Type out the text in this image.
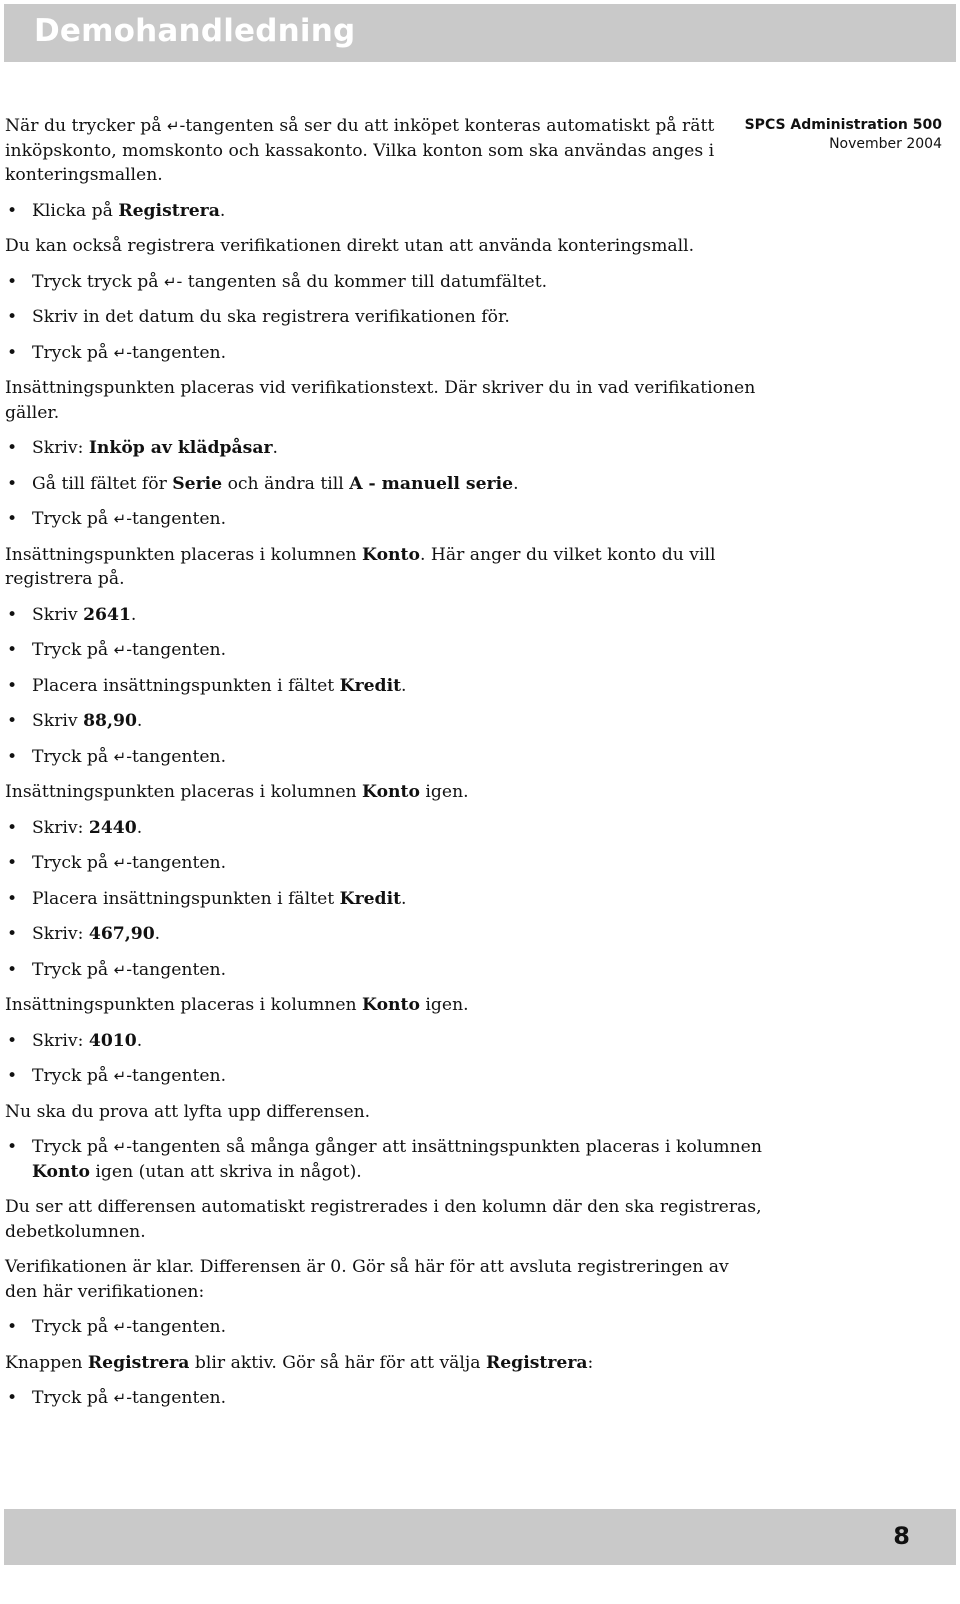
Demohandledning
SPCS Administration 500
November 2004
När du trycker på ↵-tangenten så ser du att inköpet konteras automatiskt på rätt inköpskonto, momskonto och kassakonto. Vilka konton som ska användas anges i konteringsmallen.
• Klicka på Registrera.
Du kan också registrera verifikationen direkt utan att använda konteringsmall.
• Tryck tryck på ↵- tangenten så du kommer till datumfältet.
• Skriv in det datum du ska registrera verifikationen för.
• Tryck på ↵-tangenten.
Insättningspunkten placeras vid verifikationstext. Där skriver du in vad verifikationen gäller.
• Skriv: Inköp av klädpåsar.
• Gå till fältet för Serie och ändra till A - manuell serie.
• Tryck på ↵-tangenten.
Insättningspunkten placeras i kolumnen Konto. Här anger du vilket konto du vill registrera på.
• Skriv 2641.
• Tryck på ↵-tangenten.
• Placera insättningspunkten i fältet Kredit.
• Skriv 88,90.
• Tryck på ↵-tangenten.
Insättningspunkten placeras i kolumnen Konto igen.
• Skriv: 2440.
• Tryck på ↵-tangenten.
• Placera insättningspunkten i fältet Kredit.
• Skriv: 467,90.
• Tryck på ↵-tangenten.
Insättningspunkten placeras i kolumnen Konto igen.
• Skriv: 4010.
• Tryck på ↵-tangenten.
Nu ska du prova att lyfta upp differensen.
• Tryck på ↵-tangenten så många gånger att insättningspunkten placeras i kolumnen Konto igen (utan att skriva in något).
Du ser att differensen automatiskt registrerades i den kolumn där den ska registreras, debetkolumnen.
Verifikationen är klar. Differensen är 0. Gör så här för att avsluta registreringen av den här verifikationen:
• Tryck på ↵-tangenten.
Knappen Registrera blir aktiv. Gör så här för att välja Registrera:
• Tryck på ↵-tangenten.
8
